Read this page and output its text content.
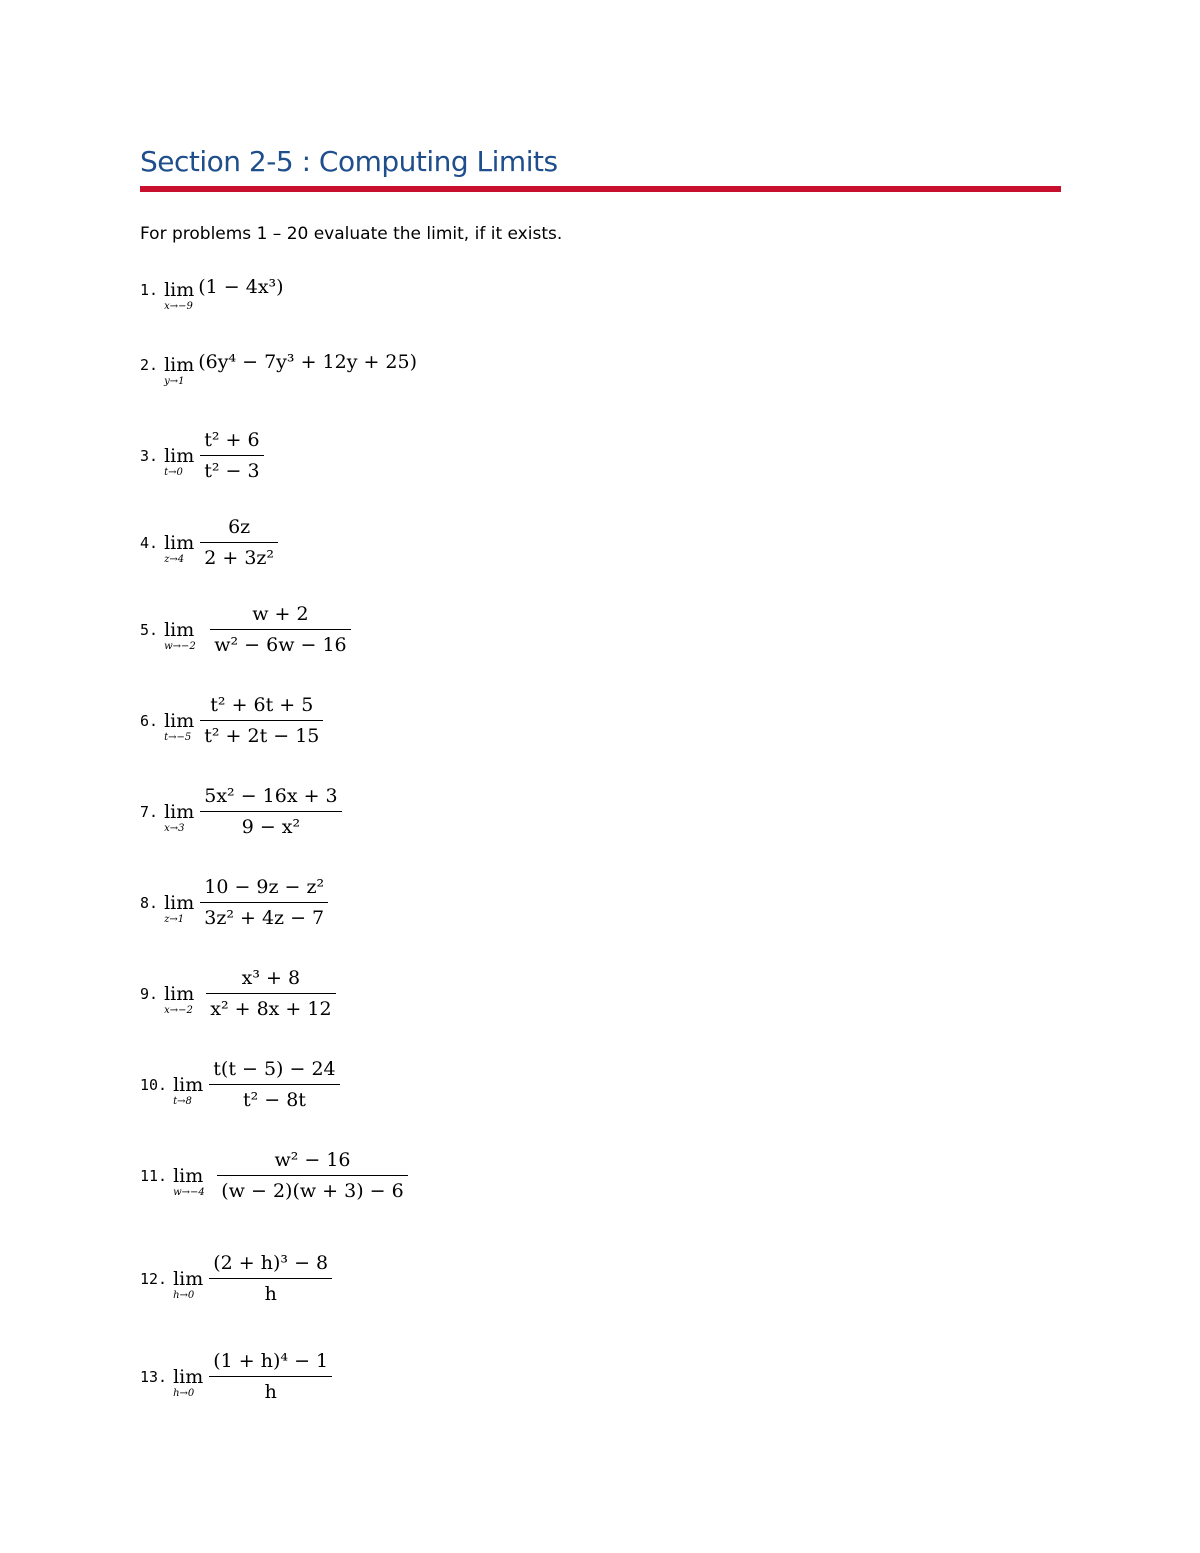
Section 2-5 : Computing Limits
For problems 1 – 20 evaluate the limit, if it exists.
1. lim
x→−9
(1 − 4x³)
2. lim
y→1
(6y⁴ − 7y³ + 12y + 25)
3. lim
$t\to 0 \frac{\text{t² + 6}}{\text{t² − 3}}$
4. lim
$z\to 4 \frac{6z}{\text{2 + 3z²}}$
5. lim
$w\to-2 \frac{w + 2}{\text{w² − 6w − 16}}$
6. lim
$t\to-5 \frac{\text{t² + 6t + 5}}{\text{t² + 2t − 15}}$
7. lim
$x\to 3 \frac{\text{5x² − 16x + 3}}{\text{9 − x²}}$
8. lim
$z\to 1 \frac{\text{10 − 9z − z²}}{\text{3z² + 4z − 7}}$
9. lim
$x\to-2 \frac{\text{x³ + 8}}{\text{x² + 8x + 12}}$
10. lim
$t\to 8 \frac{t(t - 5) - 24}{\text{t² − 8t}}$
11. lim
$w\to-4 \frac{\text{w² − 16}}{(w - 2)(w + 3) - 6}$
12. lim
$h\to 0 \frac{\text{(2 + h)³ − 8}}{h}$
13. lim
$h\to 0 \frac{\text{(1 + h)⁴ − 1}}{h}$
